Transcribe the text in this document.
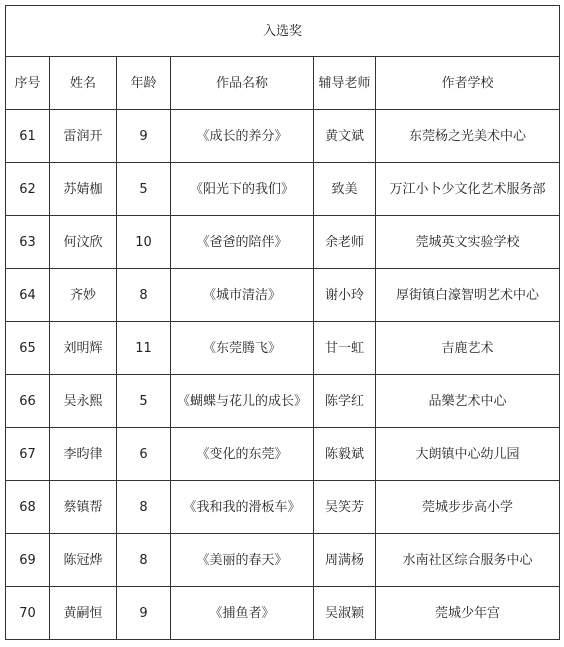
入选奖					
序号	姓名	年龄	作品名称	辅导老师	作者学校
61	雷润开	9	《成长的养分》	黄文斌	东莞杨之光美术中心
62	苏婧枷	5	《阳光下的我们》	致美	万江小卜少文化艺术服务部
63	何汶欣	10	《爸爸的陪伴》	余老师	莞城英文实验学校
64	齐妙	8	《城市清洁》	谢小玲	厚街镇白濠智明艺术中心
65	刘明辉	11	《东莞腾飞》	甘一虹	吉鹿艺术
66	吴永熙	5	《蝴蝶与花儿的成长》	陈学红	品樂艺术中心
67	李昀律	6	《变化的东莞》	陈毅斌	大朗镇中心幼儿园
68	蔡镇帮	8	《我和我的滑板车》	吴笑芳	莞城步步高小学
69	陈冠烨	8	《美丽的春天》	周满杨	水南社区综合服务中心
70	黄嗣恒	9	《捕鱼者》	吴淑颖	莞城少年宫
